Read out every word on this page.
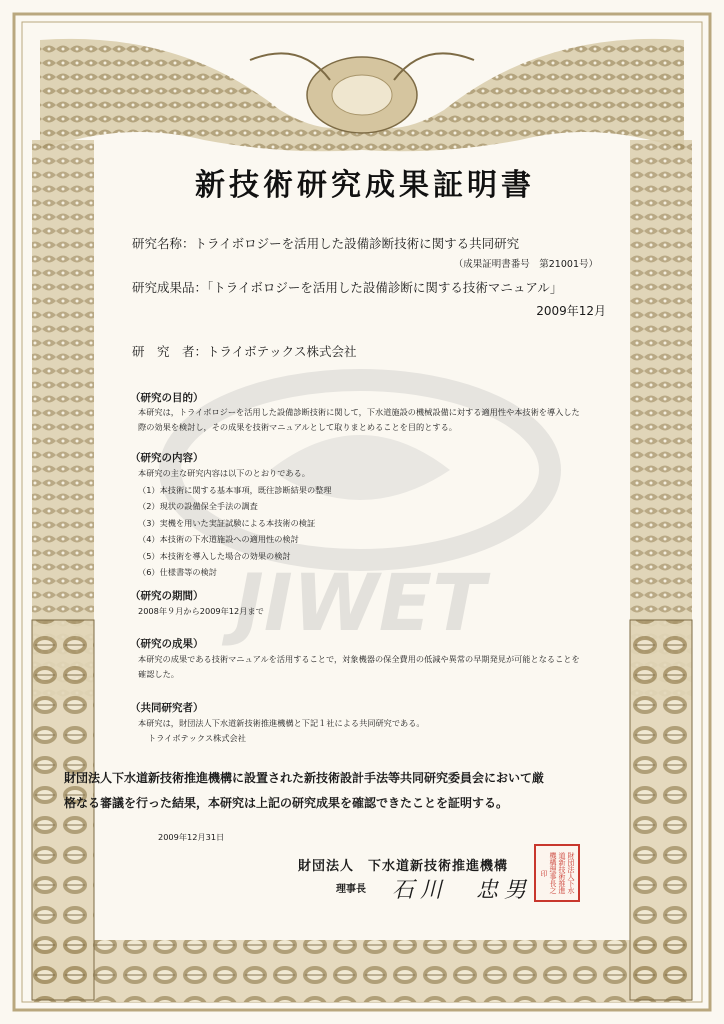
JIWET
新技術研究成果証明書
研究名称：トライボロジーを活用した設備診断技術に関する共同研究
（成果証明書番号　第21001号）
研究成果品：「トライボロジーを活用した設備診断に関する技術マニュアル」
2009年12月
研　究　者：トライボテックス株式会社
（研究の目的）
本研究は，トライボロジーを活用した設備診断技術に関して，下水道施設の機械設備に対する適用性や本技術を導入した
際の効果を検討し，その成果を技術マニュアルとして取りまとめることを目的とする。
（研究の内容）
本研究の主な研究内容は以下のとおりである。
（1）本技術に関する基本事項，既往診断結果の整理
（2）現状の設備保全手法の調査
（3）実機を用いた実証試験による本技術の検証
（4）本技術の下水道施設への適用性の検討
（5）本技術を導入した場合の効果の検討
（6）仕様書等の検討
（研究の期間）
2008年９月から2009年12月まで
（研究の成果）
本研究の成果である技術マニュアルを活用することで，対象機器の保全費用の低減や異常の早期発見が可能となることを
確認した。
（共同研究者）
本研究は，財団法人下水道新技術推進機構と下記１社による共同研究である。
トライボテックス株式会社
財団法人下水道新技術推進機構に設置された新技術設計手法等共同研究委員会において厳
格なる審議を行った結果，本研究は上記の研究成果を確認できたことを証明する。
2009年12月31日
財団法人　下水道新技術推進機構
理事長 石川　忠男	財団法人下水道新技術推進機構理事長之印
